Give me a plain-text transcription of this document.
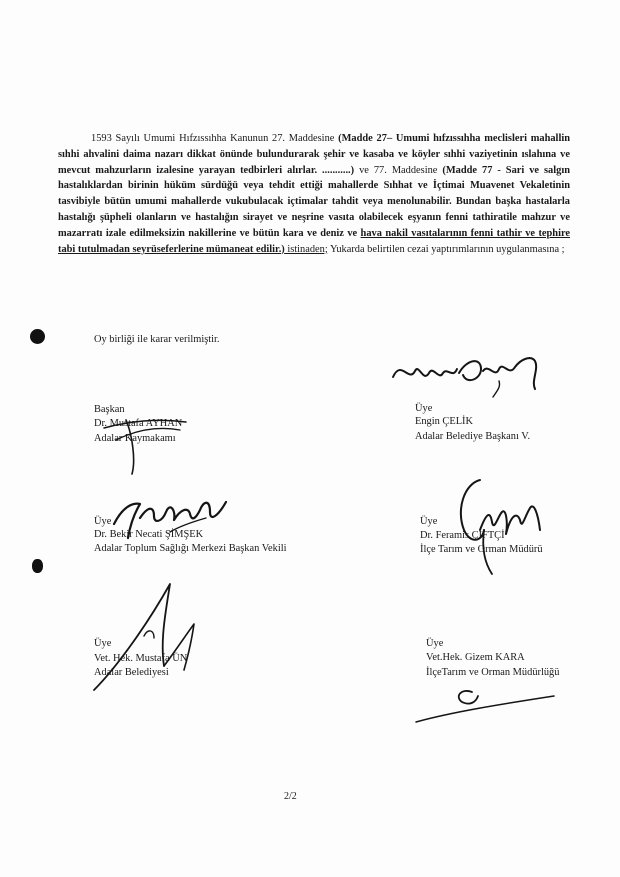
1593 Sayılı Umumi Hıfzıssıhha Kanunun 27. Maddesine (Madde 27– Umumi hıfzıssıhha meclisleri mahallin sıhhi ahvalini daima nazarı dikkat önünde bulundurarak şehir ve kasaba ve köyler sıhhi vaziyetinin ıslahına ve mevcut mahzurların izalesine yarayan tedbirleri alırlar. ...........) ve 77. Maddesine (Madde 77 - Sari ve salgın hastalıklardan birinin hüküm sürdüğü veya tehdit ettiği mahallerde Sıhhat ve İçtimai Muavenet Vekaletinin tasvibiyle bütün umumi mahallerde vukubulacak içtimalar tahdit veya menolunabilir. Bundan başka hastalarla hastalığı şüpheli olanların ve hastalığın sirayet ve neşrine vasıta olabilecek eşyanın fenni tathiratile mahzur ve mazarratı izale edilmeksizin nakillerine ve bütün kara ve deniz ve hava nakil vasıtalarının fenni tathir ve tephire tabi tutulmadan seyrüseferlerine mümaneat edilir.) istinaden; Yukarda belirtilen cezai yaptırımlarının uygulanmasına ;
Oy birliği ile karar verilmiştir.
Üye
Engin ÇELİK
Adalar Belediye Başkanı V.
Başkan
Dr. Mustafa AYHAN
Adalar Kaymakamı
Üye
Dr. Bekir Necati ŞİMŞEK
Adalar Toplum Sağlığı Merkezi Başkan Vekili
Üye
Dr. Feramis ÇİFTÇİ
İlçe Tarım ve Orman Müdürü
Üye
Vet. Hek. Mustafa ÜN
Adalar Belediyesi
Üye
Vet.Hek. Gizem KARA
İlçeTarım ve Orman Müdürlüğü
2/2
